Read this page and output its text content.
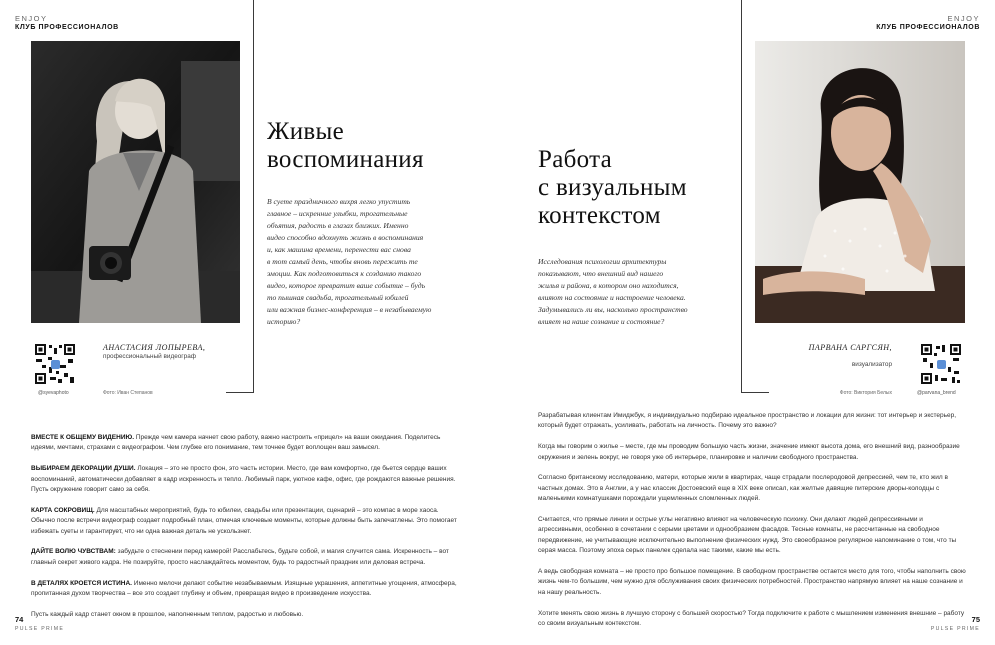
ENJOY
КЛУБ ПРОФЕССИОНАЛОВ
Живые
воспоминания
В суете праздничного вихря легко упустить
главное – искренние улыбки, трогательные
объятия, радость в глазах близких. Именно
видео способно вдохнуть жизнь в воспоминания
и, как машина времени, перенести вас снова
в тот самый день, чтобы вновь пережить те
эмоции. Как подготовиться к созданию такого
видео, которое превратит ваше событие – будь
то пышная свадьба, трогательный юбилей
или важная бизнес-конференция – в незабываемую
историю?
@syevaphoto
АНАСТАСИЯ ЛОПЫРЕВА,
профессиональный видеограф
Фото: Иван Степанов

ВМЕСТЕ К ОБЩЕМУ ВИДЕНИЮ. Прежде чем камера начнет свою работу, важно настроить «прицел» на ваши ожидания. Поделитесь идеями, мечтами, страхами с видеографом. Чем глубже его понимание, тем точнее будет воплощен ваш замысел.

ВЫБИРАЕМ ДЕКОРАЦИИ ДУШИ. Локация – это не просто фон, это часть истории. Место, где вам комфортно, где бьется сердце ваших воспоминаний, автоматически добавляет в кадр искренность и тепло. Любимый парк, уютное кафе, офис, где рождаются важные решения. Пусть окружение говорит само за себя.

КАРТА СОКРОВИЩ. Для масштабных мероприятий, будь то юбилеи, свадьбы или презентации, сценарий – это компас в море хаоса. Обычно после встречи видеограф создает подробный план, отмечая ключевые моменты, которые должны быть запечатлены. Это помогает избежать суеты и гарантирует, что ни одна важная деталь не ускользнет.

ДАЙТЕ ВОЛЮ ЧУВСТВАМ: забудьте о стеснении перед камерой! Расслабьтесь, будьте собой, и магия случится сама. Искренность – вот главный секрет живого кадра. Не позируйте, просто наслаждайтесь моментом, будь то радостный праздник или деловая встреча.

В ДЕТАЛЯХ КРОЕТСЯ ИСТИНА. Именно мелочи делают событие незабываемым. Изящные украшения, аппетитные угощения, атмосфера, пропитанная духом творчества – все это создает глубину и объем, превращая видео в произведение искусства.

Пусть каждый кадр станет окном в прошлое, наполненным теплом, радостью и любовью.

74
PULSE PRIME
ENJOY
КЛУБ ПРОФЕССИОНАЛОВ
Работа
с визуальным
контекстом
Исследования психологии архитектуры
показывают, что внешний вид нашего
жилья и района, в котором оно находится,
влияют на состояние и настроение человека.
Задумывались ли вы, насколько пространство
влияет на наше сознание и состояние?
ПАРВАНА САРГСЯН,
визуализатор
Фото: Виктория Белых	@parvana_brend

Разрабатывая клиентам Имиджбук, я индивидуально подбираю идеальное пространство и локации для жизни: тот интерьер и экстерьер, который будет отражать, усиливать, работать на личность. Почему это важно?

Когда мы говорим о жилье – месте, где мы проводим большую часть жизни, значение имеют высота дома, его внешний вид, разнообразие окружения и зелень вокруг, не говоря уже об интерьере, планировке и наличии свободного пространства.

Согласно британскому исследованию, матери, которые жили в квартирах, чаще страдали послеродовой депрессией, чем те, кто жил в частных домах. Это в Англии, а у нас классик Достоевский еще в XIX веке описал, как желтые давящие питерские дворы-колодцы с маленькими комнатушками порождали ущемленных сломленных людей.

Считается, что прямые линии и острые углы негативно влияют на человеческую психику. Они делают людей депрессивными и агрессивными, особенно в сочетании с серыми цветами и однообразием фасадов. Тесные комнаты, не рассчитанные на свободное передвижение, не учитывающие исключительно выполнение физических нужд. Это своеобразное регулярное напоминание о том, что ты серая масса. Поэтому эпоха серых панелек сделала нас такими, какие мы есть.

А ведь свободная комната – не просто про большое помещение. В свободном пространстве остается место для того, чтобы наполнить свою жизнь чем-то большим, чем нужно для обслуживания своих физических потребностей. Пространство напрямую влияет на наше сознание и на нашу реальность.

Хотите менять свою жизнь в лучшую сторону с большей скоростью? Тогда подключите к работе с мышлением изменения внешние – работу со своим визуальным контекстом.	75
PULSE PRIME
